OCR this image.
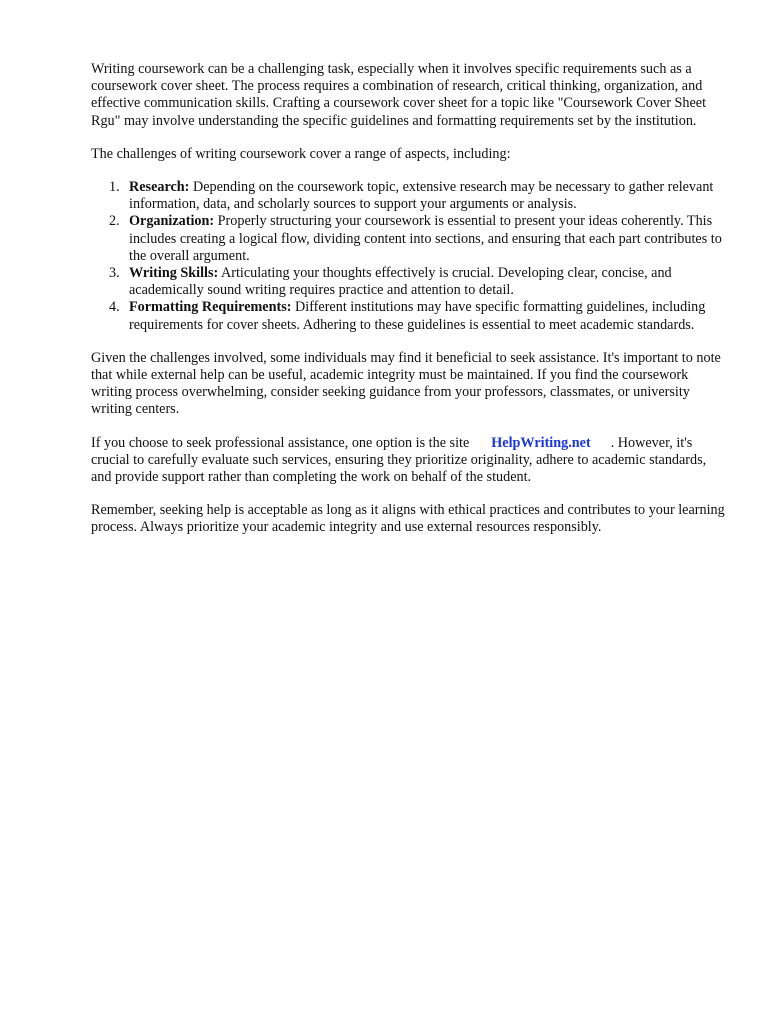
Writing coursework can be a challenging task, especially when it involves specific requirements such as a coursework cover sheet. The process requires a combination of research, critical thinking, organization, and effective communication skills. Crafting a coursework cover sheet for a topic like "Coursework Cover Sheet Rgu" may involve understanding the specific guidelines and formatting requirements set by the institution.

The challenges of writing coursework cover a range of aspects, including:

1. Research: Depending on the coursework topic, extensive research may be necessary to gather relevant information, data, and scholarly sources to support your arguments or analysis.
2. Organization: Properly structuring your coursework is essential to present your ideas coherently. This includes creating a logical flow, dividing content into sections, and ensuring that each part contributes to the overall argument.
3. Writing Skills: Articulating your thoughts effectively is crucial. Developing clear, concise, and academically sound writing requires practice and attention to detail.
4. Formatting Requirements: Different institutions may have specific formatting guidelines, including requirements for cover sheets. Adhering to these guidelines is essential to meet academic standards.

Given the challenges involved, some individuals may find it beneficial to seek assistance. It's important to note that while external help can be useful, academic integrity must be maintained. If you find the coursework writing process overwhelming, consider seeking guidance from your professors, classmates, or university writing centers.

If you choose to seek professional assistance, one option is the site HelpWriting.net . However, it's crucial to carefully evaluate such services, ensuring they prioritize originality, adhere to academic standards, and provide support rather than completing the work on behalf of the student.

Remember, seeking help is acceptable as long as it aligns with ethical practices and contributes to your learning process. Always prioritize your academic integrity and use external resources responsibly.
